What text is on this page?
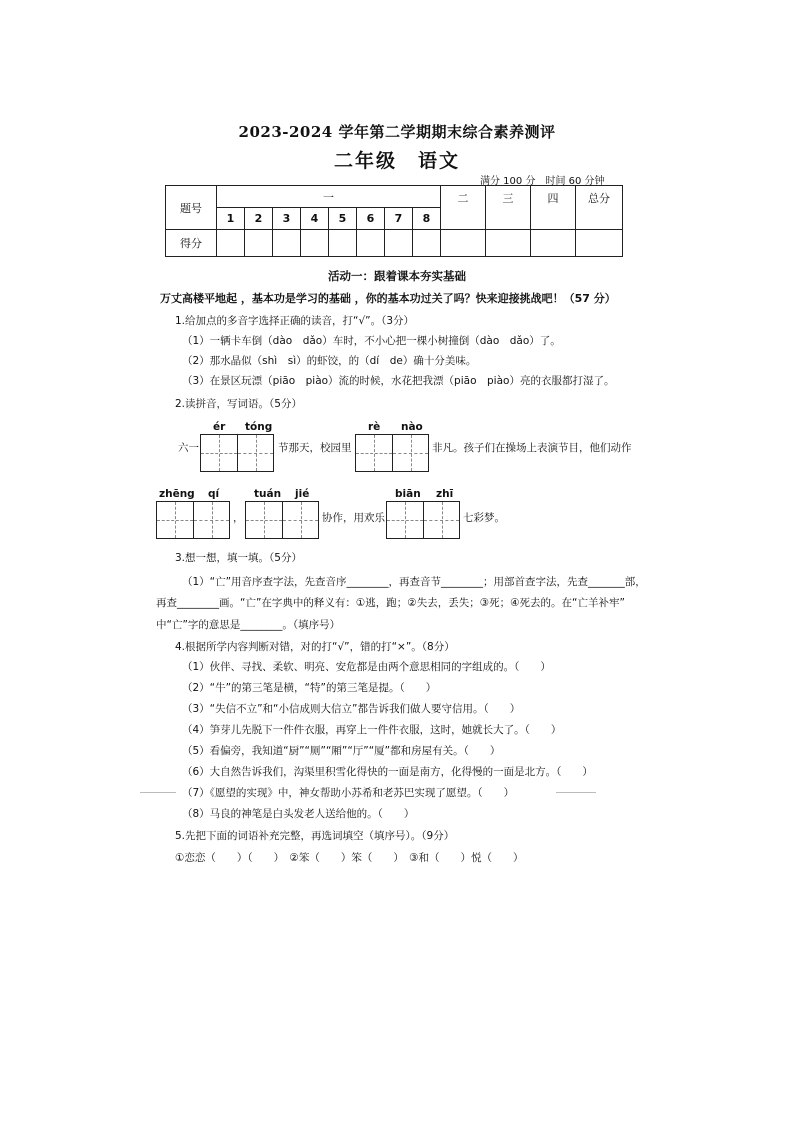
2023-2024 学年第二学期期末综合素养测评
二年级　语文
满分 100 分　时间 60 分钟
题号	一								二	三	四	总分
	1	2	3	4	5	6	7	8				
得分												
活动一：跟着课本夯实基础
万丈高楼平地起 ，基本功是学习的基础 ，你的基本功过关了吗？快来迎接挑战吧！（57 分）
1.给加点的多音字选择正确的读音，打“√”。（3分）
（1）一辆卡车倒（dào　dǎo）车时，不小心把一棵小树撞倒（dào　dǎo）了。
（2）那水晶似（shì　sì）的虾饺，的（dí　de）确十分美味。
（3）在景区玩漂（piāo　piào）流的时候，水花把我漂（piāo　piào）亮的衣服都打湿了。
2.读拼音，写词语。（5分）
ér tóng	rè nào
六一	节那天，校园里	非凡。孩子们在操场上表演节目，他们动作
zhēng qí	tuán jié	biān zhī
，	协作，用欢乐	七彩梦。
3.想一想，填一填。（5分）
（1）“亡”用音序查字法，先查音序________，再查音节________；用部首查字法，先查_______部，
再查________画。“亡”在字典中的释义有：①逃，跑；②失去，丢失；③死；④死去的。在“亡羊补牢”
中“亡”字的意思是________。（填序号）
4.根据所学内容判断对错，对的打“√”，错的打“×”。（8分）
（1）伙伴、寻找、柔软、明亮、安危都是由两个意思相同的字组成的。（　　）
（2）“牛”的第三笔是横，“特”的第三笔是提。（　　）
（3）“失信不立”和“小信成则大信立”都告诉我们做人要守信用。（　　）
（4）笋芽儿先脱下一件件衣服，再穿上一件件衣服，这时，她就长大了。（　　）
（5）看偏旁，我知道“厨”“厕”“厢”“厅”“厦”都和房屋有关。（　　）
（6）大自然告诉我们，沟渠里积雪化得快的一面是南方，化得慢的一面是北方。（　　）
（7）《愿望的实现》中，神女帮助小苏希和老苏巴实现了愿望。（　　）
（8）马良的神笔是白头发老人送给他的。（　　）
5.先把下面的词语补充完整，再选词填空（填序号）。（9分）
①恋恋（　　）（　　）　②笨（　　）笨（　　）　③和（　　）悦（　　）
